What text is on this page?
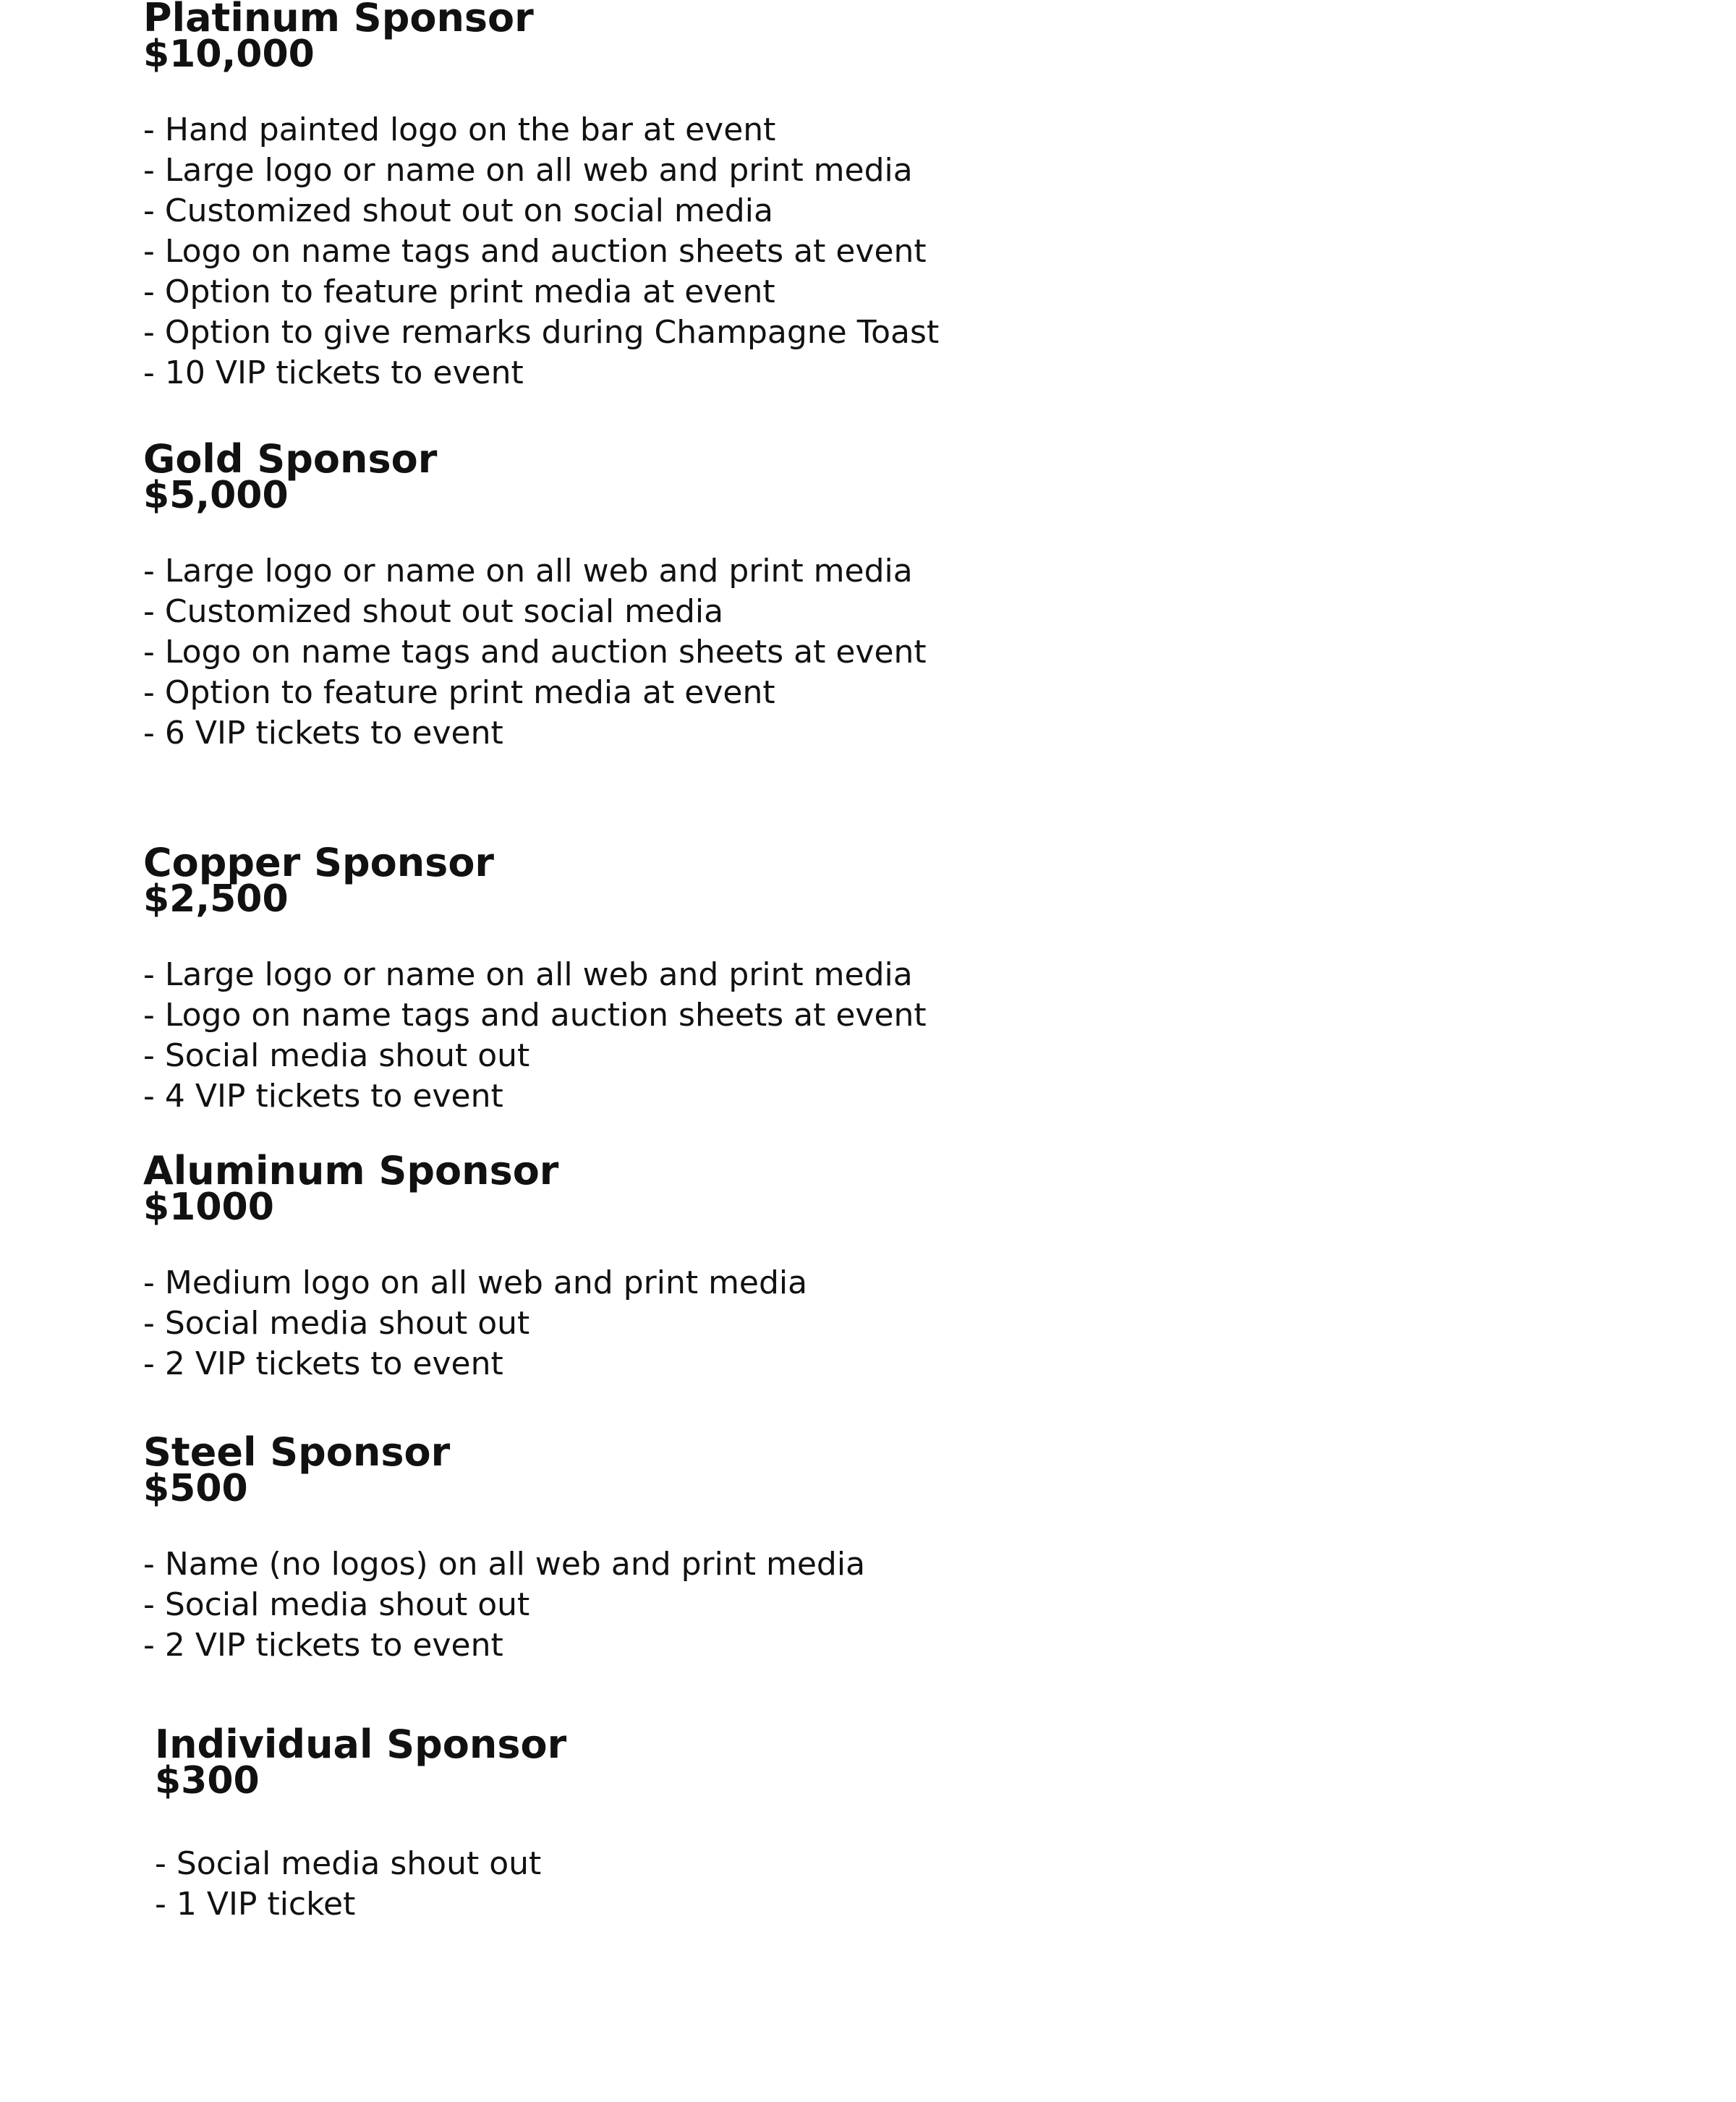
Platinum Sponsor
$10,000
- Hand painted logo on the bar at event
- Large logo or name on all web and print media
- Customized shout out on social media
- Logo on name tags and auction sheets at event
- Option to feature print media at event
- Option to give remarks during Champagne Toast
- 10 VIP tickets to event
Gold Sponsor
$5,000
- Large logo or name on all web and print media
- Customized shout out social media
- Logo on name tags and auction sheets at event
- Option to feature print media at event
- 6 VIP tickets to event
Copper Sponsor
$2,500
- Large logo or name on all web and print media
- Logo on name tags and auction sheets at event
- Social media shout out
- 4 VIP tickets to event
Aluminum Sponsor
$1000
- Medium logo on all web and print media
- Social media shout out
- 2 VIP tickets to event
Steel Sponsor
$500
- Name (no logos) on all web and print media
- Social media shout out
- 2 VIP tickets to event
Individual Sponsor
$300
- Social media shout out
- 1 VIP ticket
